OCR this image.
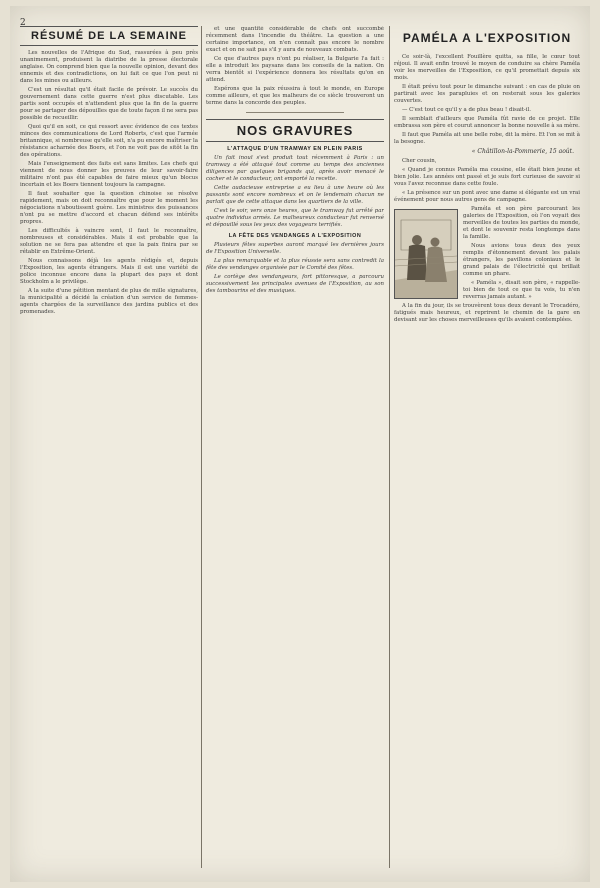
2
RÉSUMÉ DE LA SEMAINE

Les nouvelles de l'Afrique du Sud, rassurées à peu près unanimement, produisent la diatribe de la presse électorale anglaise. On comprend bien que la nouvelle opinion, devant des ennemis et des contradictions, on lui fait ce que l'on peut ni dans les mines ou ailleurs.

C'est un résultat qu'il était facile de prévoir. Le succès du gouvernement dans cette guerre n'est plus discutable. Les partis sont occupés et n'attendent plus que la fin de la guerre pour se partager des dépouilles que de toute façon il ne sera pas possible de recueillir.

Quoi qu'il en soit, ce qui ressort avec évidence de ces textes minces des communications de Lord Roberts, c'est que l'armée britannique, si nombreuse qu'elle soit, n'a pu encore maîtriser la résistance acharnée des Boers, et l'on ne voit pas de sitôt la fin des opérations.

Mais l'enseignement des faits est sans limites. Les chefs qui viennent de nous donner les preuves de leur savoir-faire militaire n'ont pas été capables de faire mieux qu'un blocus incertain et les Boers tiennent toujours la campagne.

Il faut souhaiter que la question chinoise se résolve rapidement, mais on doit reconnaître que pour le moment les négociations n'aboutissent guère. Les ministres des puissances n'ont pu se mettre d'accord et chacun défend ses intérêts propres.

Les difficultés à vaincre sont, il faut le reconnaître, nombreuses et considérables. Mais il est probable que la solution ne se fera pas attendre et que la paix finira par se rétablir en Extrême-Orient.

Nous connaissons déjà les agents rédigés et, depuis l'Exposition, les agents étrangers. Mais il est une variété de police inconnue encore dans la plupart des pays et dont Stockholm a le privilège.

A la suite d'une pétition mentant de plus de mille signatures, la municipalité a décidé la création d'un service de femmes-agents chargées de la surveillance des jardins publics et des promenades.

et une quantité considérable de chefs ont succombé récemment dans l'incendie du théâtre. La question a une certaine importance, on n'en connaît pas encore le nombre exact et on ne sait pas s'il y aura de nouveaux combats.

Ce que d'autres pays n'ont pu réaliser, la Bulgarie l'a fait : elle a introduit les paysans dans les conseils de la nation. On verra bientôt si l'expérience donnera les résultats qu'on en attend.

Espérons que la paix réussira à tout le monde, en Europe comme ailleurs, et que les malheurs de ce siècle trouveront un terme dans la concorde des peuples.

NOS GRAVURES
L'ATTAQUE D'UN TRAMWAY EN PLEIN PARIS

Un fait inouï s'est produit tout récemment à Paris : un tramway a été attaqué tout comme au temps des anciennes diligences par quelques brigands qui, après avoir menacé le cocher et le conducteur, ont emporté la recette.

Cette audacieuse entreprise a eu lieu à une heure où les passants sont encore nombreux et on le lendemain chacun ne parlait que de cette attaque dans les quartiers de la ville.

C'est le soir, vers onze heures, que le tramway fut arrêté par quatre individus armés. Le malheureux conducteur fut renversé et dépouillé sous les yeux des voyageurs terrifiés.

LA FÊTE DES VENDANGES A L'EXPOSITION

Plusieurs fêtes superbes auront marqué les dernières jours de l'Exposition Universelle.

La plus remarquable et la plus réussie sera sans contredit la fête des vendanges organisée par le Comité des fêtes.

Le cortège des vendangeurs, fort pittoresque, a parcouru successivement les principales avenues de l'Exposition, au son des tambourins et des musiques.

PAMÉLA A L'EXPOSITION

Ce soir-là, l'excellent Fouillère quitta, sa fille, le cœur tout réjoui. Il avait enfin trouvé le moyen de conduire sa chère Paméla voir les merveilles de l'Exposition, ce qu'il promettait depuis six mois.

Il était prévu tout pour le dimanche suivant : en cas de pluie on partirait avec les parapluies et on resterait sous les galeries couvertes.

— C'est tout ce qu'il y a de plus beau ! disait-il.

Il semblait d'ailleurs que Paméla fût ravie de ce projet. Elle embrassa son père et courut annoncer la bonne nouvelle à sa mère.

Il faut que Paméla ait une belle robe, dit la mère. Et l'on se mit à la besogne.

« Châtillon-la-Pommerie, 15 août.

Cher cousin,

« Quand je connus Paméla ma cousine, elle était bien jeune et bien jolie. Les années ont passé et je suis fort curieuse de savoir si vous l'avez reconnue dans cette foule.

« La présence sur un pont avec une dame si élégante est un vrai événement pour nous autres gens de campagne.

Paméla et son père parcourant les galeries de l'Exposition, où l'on voyait des merveilles de toutes les parties du monde, et dont le souvenir resta longtemps dans la famille.

Nous avions tous deux des yeux remplis d'étonnement devant les palais étrangers, les pavillons coloniaux et le grand palais de l'électricité qui brillait comme un phare.

« Paméla », disait son père, « rappelle-toi bien de tout ce que tu vois, tu n'en reverras jamais autant. »

A la fin du jour, ils se trouvèrent tous deux devant le Trocadéro, fatigués mais heureux, et reprirent le chemin de la gare en devisant sur les choses merveilleuses qu'ils avaient contemplées.
